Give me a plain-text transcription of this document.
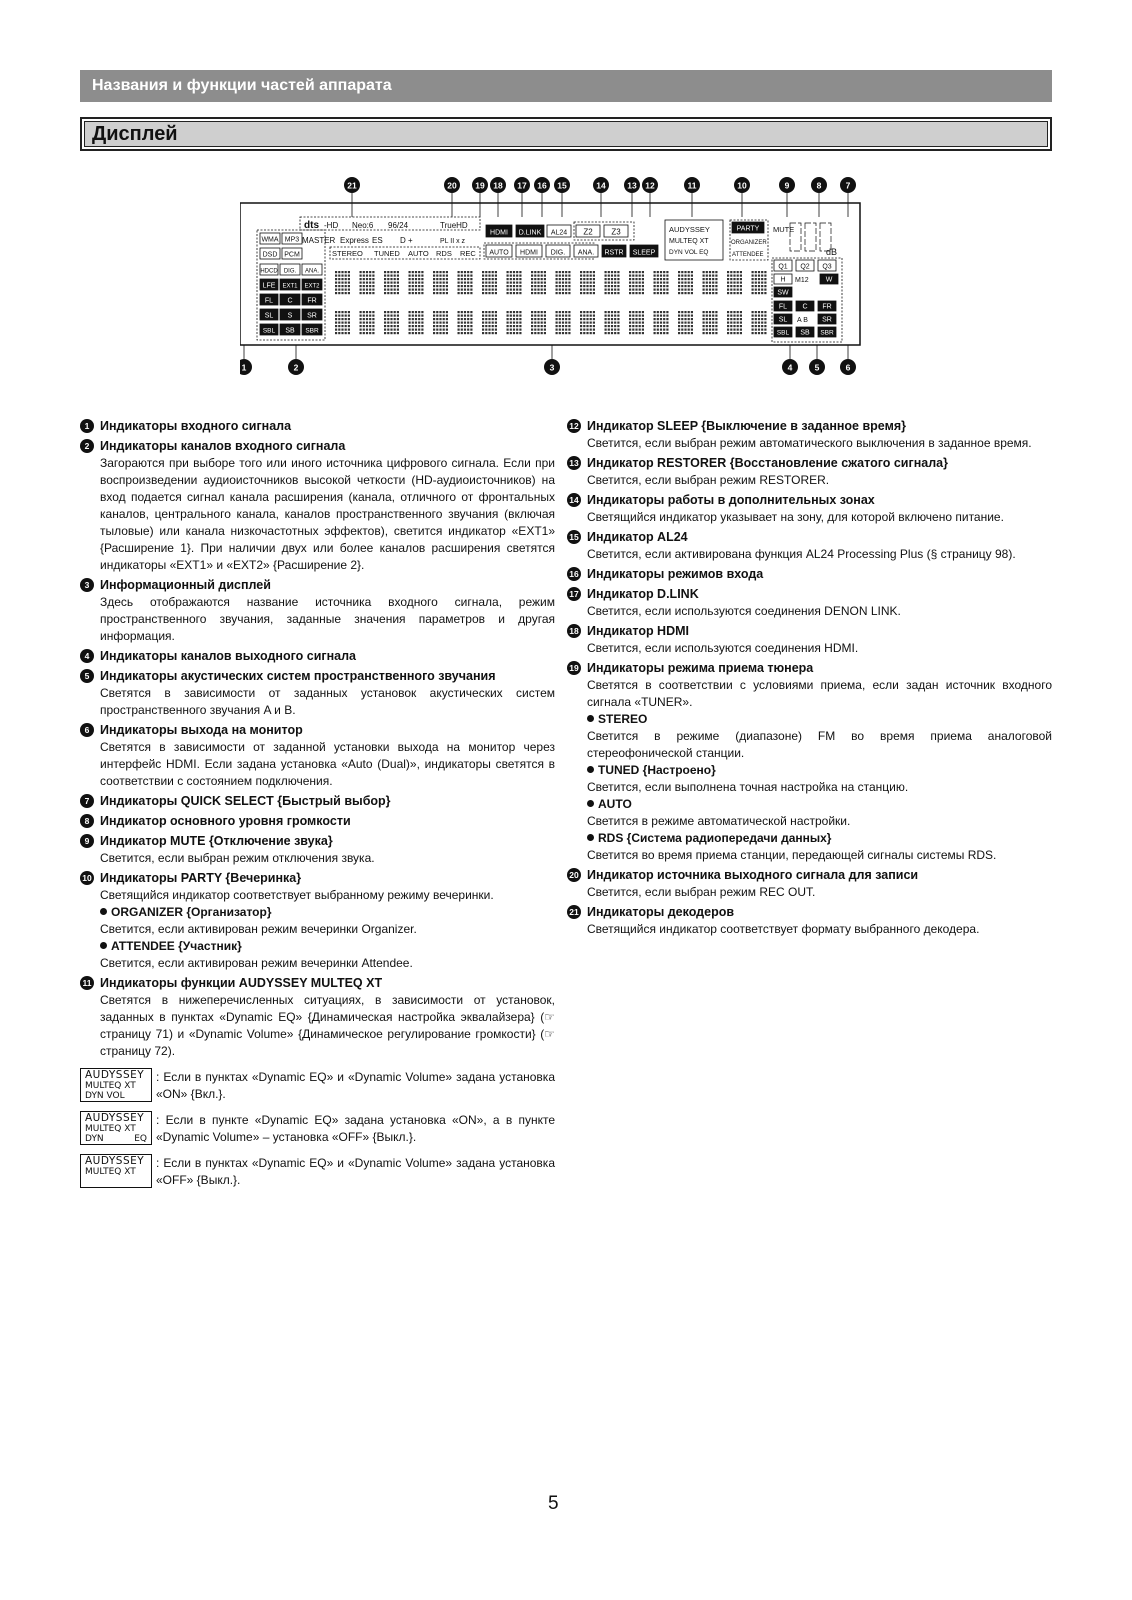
Названия и функции частей аппарата
Дисплей
21	20 19 18 17 16 15	14	13 12	11	10	9	8	7
1	2	3	4	5	6
WMA MP3
DSD PCM
HDCD DIG. ANA.
LFE EXT1 EXT2
FL C FR
SL S SR
SBL SB SBR
dts -HD Neo:6 96/24	TrueHD
MASTER Express ES D +	PL II x z
STEREO TUNED AUTO RDS REC
HDMI D.LINK AL24 Z2 Z3
AUTO HDMI DIG. ANA. RSTR SLEEP
AUDYSSEY
MULTEQ XT
DYN VOL EQ
PARTY
ORGANIZER
ATTENDEE
MUTE
dB
Q1 Q2 Q3
H M12 W
SW
FL C FR
SL A B SR
SBL SB SBR
1 Индикаторы входного сигнала
2 Индикаторы каналов входного сигнала
Загораются при выборе того или иного источника цифрового сигнала. Если при воспроизведении аудиоисточников высокой четкости (HD-аудиоисточников) на вход подается сигнал канала расширения (канала, отличного от фронтальных каналов, центрального канала, каналов пространственного звучания (включая тыловые) или канала низкочастотных эффектов), светится индикатор «EXT1» {Расширение 1}. При наличии двух или более каналов расширения светятся индикаторы «EXT1» и «EXT2» {Расширение 2}.
3 Информационный дисплей
Здесь отображаются название источника входного сигнала, режим пространственного звучания, заданные значения параметров и другая информация.
4 Индикаторы каналов выходного сигнала
5 Индикаторы акустических систем пространственного звучания
Светятся в зависимости от заданных установок акустических систем пространственного звучания A и B.
6 Индикаторы выхода на монитор
Светятся в зависимости от заданной установки выхода на монитор через интерфейс HDMI. Если задана установка «Auto (Dual)», индикаторы светятся в соответствии с состоянием подключения.
7 Индикаторы QUICK SELECT {Быстрый выбор}
8 Индикатор основного уровня громкости
9 Индикатор MUTE {Отключение звука}
Светится, если выбран режим отключения звука.
10 Индикаторы PARTY {Вечеринка}
Светящийся индикатор соответствует выбранному режиму вечеринки.
ORGANIZER {Организатор}
Светится, если активирован режим вечеринки Organizer.
ATTENDEE {Участник}
Светится, если активирован режим вечеринки Attendee.
11 Индикаторы функции AUDYSSEY MULTEQ XT
Светятся в нижеперечисленных ситуациях, в зависимости от установок, заданных в пунктах «Dynamic EQ» {Динамическая настройка эквалайзера} (☞ страницу 71) и «Dynamic Volume» {Динамическое регулирование громкости} (☞ страницу 72).
AUDYSSEY
MULTEQ XT
DYN VOL
: Если в пунктах «Dynamic EQ» и «Dynamic Volume» задана установка «ON» {Вкл.}.
AUDYSSEY
MULTEQ XT
DYN	EQ
: Если в пункте «Dynamic EQ» задана установка «ON», а в пункте «Dynamic Volume» – установка «OFF» {Выкл.}.
AUDYSSEY
MULTEQ XT
: Если в пунктах «Dynamic EQ» и «Dynamic Volume» задана установка «OFF» {Выкл.}.
12 Индикатор SLEEP {Выключение в заданное время}
Светится, если выбран режим автоматического выключения в заданное время.
13 Индикатор RESTORER {Восстановление сжатого сигнала}
Светится, если выбран режим RESTORER.
14 Индикаторы работы в дополнительных зонах
Светящийся индикатор указывает на зону, для которой включено питание.
15 Индикатор AL24
Светится, если активирована функция AL24 Processing Plus (§ страницу 98).
16 Индикаторы режимов входа
17 Индикатор D.LINK
Светится, если используются соединения DENON LINK.
18 Индикатор HDMI
Светится, если используются соединения HDMI.
19 Индикаторы режима приема тюнера
Светятся в соответствии с условиями приема, если задан источник входного сигнала «TUNER».
STEREO
Светится в режиме (диапазоне) FM во время приема аналоговой стереофонической станции.
TUNED {Настроено}
Светится, если выполнена точная настройка на станцию.
AUTO
Светится в режиме автоматической настройки.
RDS {Система радиопередачи данных}
Светится во время приема станции, передающей сигналы системы RDS.
20 Индикатор источника выходного сигнала для записи
Светится, если выбран режим REC OUT.
21 Индикаторы декодеров
Светящийся индикатор соответствует формату выбранного декодера.
5
